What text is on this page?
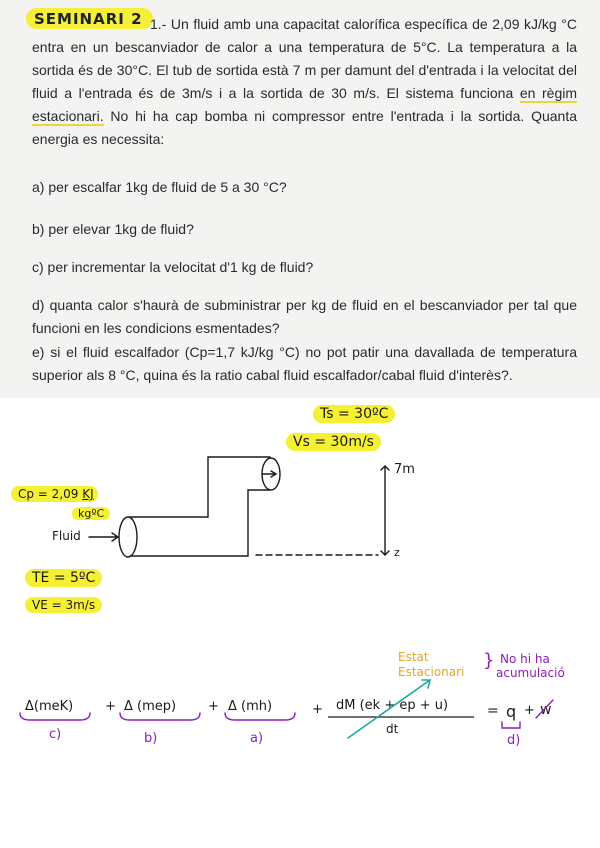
SEMINARI 2 1.- Un fluid amb una capacitat calorífica específica de 2,09 kJ/kg °C entra en un bescanviador de calor a una temperatura de 5°C. La temperatura a la sortida és de 30°C. El tub de sortida està 7 m per damunt del d'entrada i la velocitat del fluid a l'entrada és de 3m/s i a la sortida de 30 m/s. El sistema funciona en règim estacionari. No hi ha cap bomba ni compressor entre l'entrada i la sortida. Quanta energia es necessita:
a) per escalfar 1kg de fluid de 5 a 30 °C?
b) per elevar 1kg de fluid?
c) per incrementar la velocitat d'1 kg de fluid?
d) quanta calor s'haurà de subministrar per kg de fluid en el bescanviador per tal que funcioni en les condicions esmentades?
e) si el fluid escalfador (Cp=1,7 kJ/kg °C) no pot patir una davallada de temperatura superior als 8 °C, quina és la ratio cabal fluid escalfador/cabal fluid d'interès?.
Ts = 30ºC
Vs = 30m/s
7m
z
Cp = 2,09 KJ
kgºC
Fluid
TE = 5ºC
VE = 3m/s
Δ(meK) + Δ (mep) + Δ (mh)	+ dM (ek + ep + u)
dt
= q + w
Estat
Estacionari
} No hi ha
acumulació
c)	b)	a)	d)
